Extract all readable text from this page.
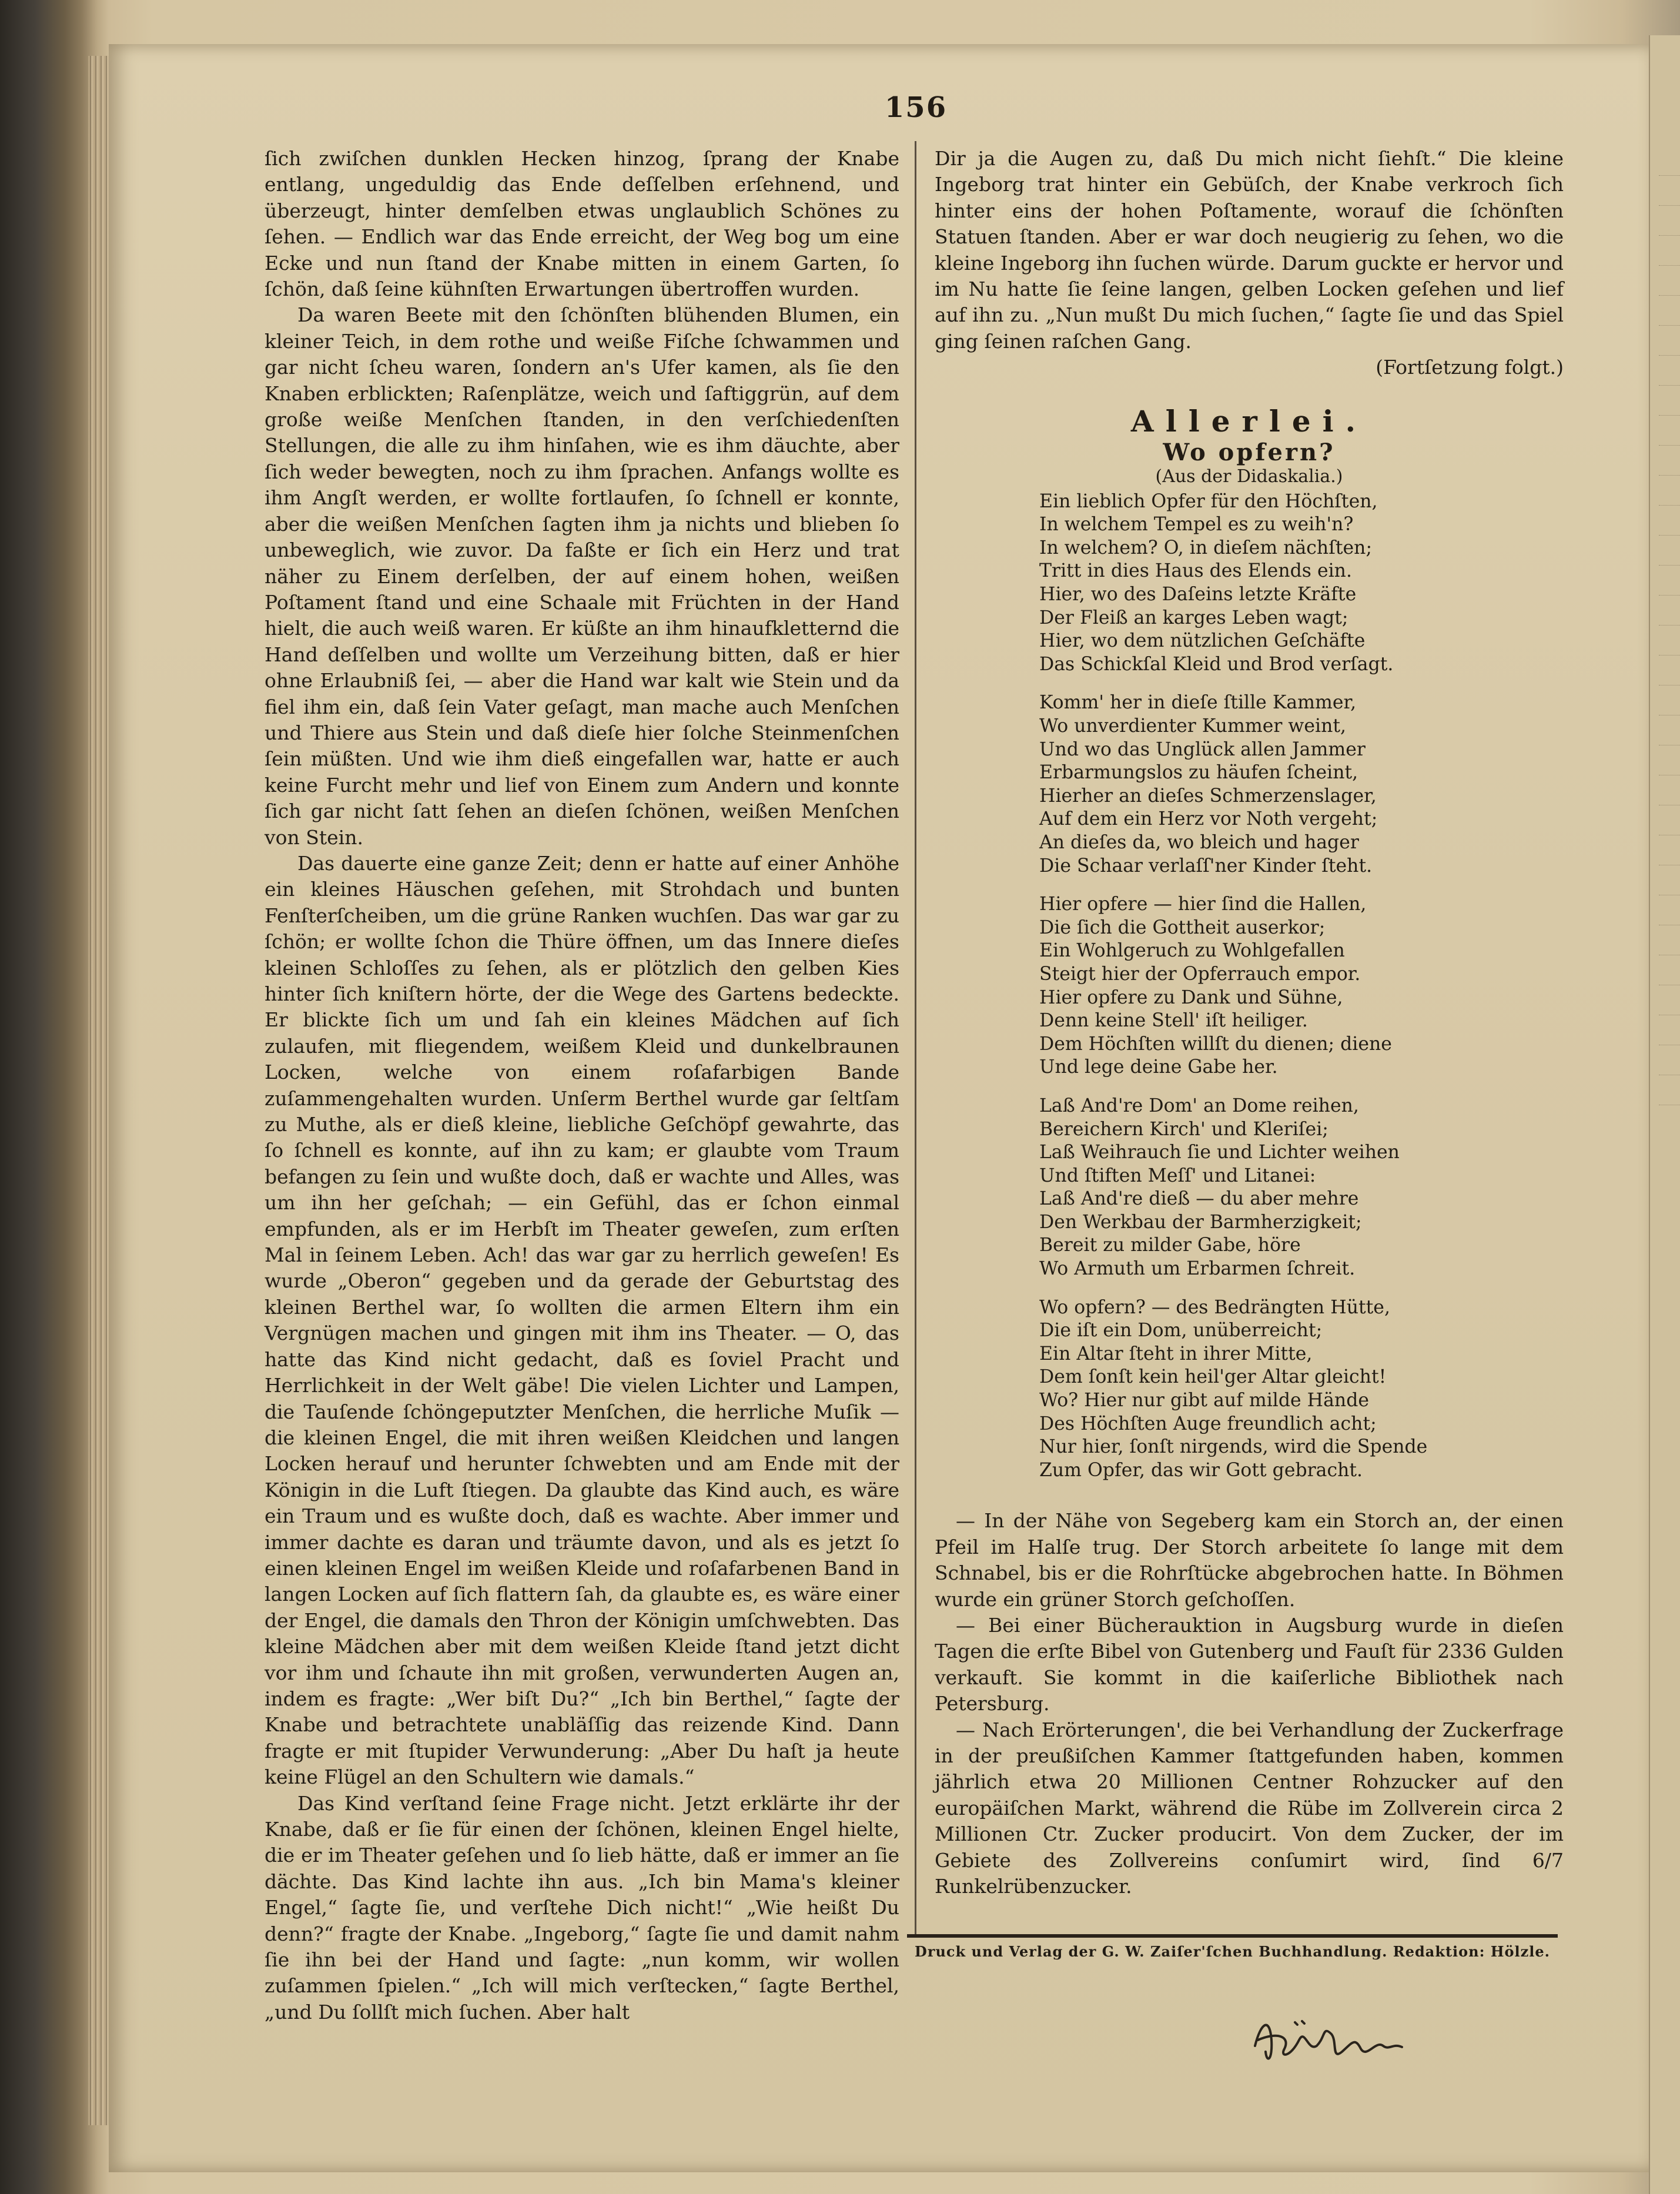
156

ſich zwiſchen dunklen Hecken hinzog, ſprang der Knabe entlang, ungeduldig das Ende deſſelben erſehnend, und überzeugt, hinter demſelben etwas unglaublich Schönes zu ſehen. — Endlich war das Ende erreicht, der Weg bog um eine Ecke und nun ſtand der Knabe mitten in einem Garten, ſo ſchön, daß ſeine kühnſten Erwartungen übertroffen wurden.

Da waren Beete mit den ſchönſten blühenden Blumen, ein kleiner Teich, in dem rothe und weiße Fiſche ſchwammen und gar nicht ſcheu waren, ſondern an's Ufer kamen, als ſie den Knaben erblickten; Raſenplätze, weich und ſaftiggrün, auf dem große weiße Menſchen ſtanden, in den verſchiedenſten Stellungen, die alle zu ihm hinſahen, wie es ihm däuchte, aber ſich weder bewegten, noch zu ihm ſprachen. Anfangs wollte es ihm Angſt werden, er wollte fortlaufen, ſo ſchnell er konnte, aber die weißen Menſchen ſagten ihm ja nichts und blieben ſo unbeweglich, wie zuvor. Da faßte er ſich ein Herz und trat näher zu Einem derſelben, der auf einem hohen, weißen Poſtament ſtand und eine Schaale mit Früchten in der Hand hielt, die auch weiß waren. Er küßte an ihm hinaufkletternd die Hand deſſelben und wollte um Verzeihung bitten, daß er hier ohne Erlaubniß ſei, — aber die Hand war kalt wie Stein und da fiel ihm ein, daß ſein Vater geſagt, man mache auch Menſchen und Thiere aus Stein und daß dieſe hier ſolche Steinmenſchen ſein müßten. Und wie ihm dieß eingefallen war, hatte er auch keine Furcht mehr und lief von Einem zum Andern und konnte ſich gar nicht ſatt ſehen an dieſen ſchönen, weißen Menſchen von Stein.

Das dauerte eine ganze Zeit; denn er hatte auf einer Anhöhe ein kleines Häuschen geſehen, mit Strohdach und bunten Fenſterſcheiben, um die grüne Ranken wuchſen. Das war gar zu ſchön; er wollte ſchon die Thüre öffnen, um das Innere dieſes kleinen Schloſſes zu ſehen, als er plötzlich den gelben Kies hinter ſich kniſtern hörte, der die Wege des Gartens bedeckte. Er blickte ſich um und ſah ein kleines Mädchen auf ſich zulaufen, mit fliegendem, weißem Kleid und dunkelbraunen Locken, welche von einem roſafarbigen Bande zuſammengehalten wurden. Unſerm Berthel wurde gar ſeltſam zu Muthe, als er dieß kleine, liebliche Geſchöpf gewahrte, das ſo ſchnell es konnte, auf ihn zu kam; er glaubte vom Traum befangen zu ſein und wußte doch, daß er wachte und Alles, was um ihn her geſchah; — ein Gefühl, das er ſchon einmal empfunden, als er im Herbſt im Theater geweſen, zum erſten Mal in ſeinem Leben. Ach! das war gar zu herrlich geweſen! Es wurde „Oberon“ gegeben und da gerade der Geburtstag des kleinen Berthel war, ſo wollten die armen Eltern ihm ein Vergnügen machen und gingen mit ihm ins Theater. — O, das hatte das Kind nicht gedacht, daß es ſoviel Pracht und Herrlichkeit in der Welt gäbe! Die vielen Lichter und Lampen, die Tauſende ſchöngeputzter Menſchen, die herrliche Muſik — die kleinen Engel, die mit ihren weißen Kleidchen und langen Locken herauf und herunter ſchwebten und am Ende mit der Königin in die Luft ſtiegen. Da glaubte das Kind auch, es wäre ein Traum und es wußte doch, daß es wachte. Aber immer und immer dachte es daran und träumte davon, und als es jetzt ſo einen kleinen Engel im weißen Kleide und roſafarbenen Band in langen Locken auf ſich flattern ſah, da glaubte es, es wäre einer der Engel, die damals den Thron der Königin umſchwebten. Das kleine Mädchen aber mit dem weißen Kleide ſtand jetzt dicht vor ihm und ſchaute ihn mit großen, verwunderten Augen an, indem es fragte: „Wer biſt Du?“ „Ich bin Berthel,“ ſagte der Knabe und betrachtete unabläſſig das reizende Kind. Dann fragte er mit ſtupider Verwunderung: „Aber Du haſt ja heute keine Flügel an den Schultern wie damals.“

Das Kind verſtand ſeine Frage nicht. Jetzt erklärte ihr der Knabe, daß er ſie für einen der ſchönen, kleinen Engel hielte, die er im Theater geſehen und ſo lieb hätte, daß er immer an ſie dächte. Das Kind lachte ihn aus. „Ich bin Mama's kleiner Engel,“ ſagte ſie, und verſtehe Dich nicht!“ „Wie heißt Du denn?“ fragte der Knabe. „Ingeborg,“ ſagte ſie und damit nahm ſie ihn bei der Hand und ſagte: „nun komm, wir wollen zuſammen ſpielen.“ „Ich will mich verſtecken,“ ſagte Berthel, „und Du ſollſt mich ſuchen. Aber halt

Dir ja die Augen zu, daß Du mich nicht ſiehſt.“ Die kleine Ingeborg trat hinter ein Gebüſch, der Knabe verkroch ſich hinter eins der hohen Poſtamente, worauf die ſchönſten Statuen ſtanden. Aber er war doch neugierig zu ſehen, wo die kleine Ingeborg ihn ſuchen würde. Darum guckte er hervor und im Nu hatte ſie ſeine langen, gelben Locken geſehen und lief auf ihn zu. „Nun mußt Du mich ſuchen,“ ſagte ſie und das Spiel ging ſeinen raſchen Gang.

(Fortſetzung folgt.)
Allerlei.
Wo opfern?
(Aus der Didaskalia.)
Ein lieblich Opfer für den Höchſten,
In welchem Tempel es zu weih'n?
In welchem? O, in dieſem nächſten;
Tritt in dies Haus des Elends ein.
Hier, wo des Daſeins letzte Kräfte
Der Fleiß an karges Leben wagt;
Hier, wo dem nützlichen Geſchäfte
Das Schickſal Kleid und Brod verſagt.
Komm' her in dieſe ſtille Kammer,
Wo unverdienter Kummer weint,
Und wo das Unglück allen Jammer
Erbarmungslos zu häufen ſcheint,
Hierher an dieſes Schmerzenslager,
Auf dem ein Herz vor Noth vergeht;
An dieſes da, wo bleich und hager
Die Schaar verlaſſ'ner Kinder ſteht.
Hier opfere — hier ſind die Hallen,
Die ſich die Gottheit auserkor;
Ein Wohlgeruch zu Wohlgefallen
Steigt hier der Opferrauch empor.
Hier opfere zu Dank und Sühne,
Denn keine Stell' iſt heiliger.
Dem Höchſten willſt du dienen; diene
Und lege deine Gabe her.
Laß And're Dom' an Dome reihen,
Bereichern Kirch' und Kleriſei;
Laß Weihrauch ſie und Lichter weihen
Und ſtiften Meſſ' und Litanei:
Laß And're dieß — du aber mehre
Den Werkbau der Barmherzigkeit;
Bereit zu milder Gabe, höre
Wo Armuth um Erbarmen ſchreit.
Wo opfern? — des Bedrängten Hütte,
Die iſt ein Dom, unüberreicht;
Ein Altar ſteht in ihrer Mitte,
Dem ſonſt kein heil'ger Altar gleicht!
Wo? Hier nur gibt auf milde Hände
Des Höchſten Auge freundlich acht;
Nur hier, ſonſt nirgends, wird die Spende
Zum Opfer, das wir Gott gebracht.

— In der Nähe von Segeberg kam ein Storch an, der einen Pfeil im Halſe trug. Der Storch arbeitete ſo lange mit dem Schnabel, bis er die Rohrſtücke abgebrochen hatte. In Böhmen wurde ein grüner Storch geſchoſſen.

— Bei einer Bücherauktion in Augsburg wurde in dieſen Tagen die erſte Bibel von Gutenberg und Fauſt für 2336 Gulden verkauft. Sie kommt in die kaiſerliche Bibliothek nach Petersburg.

— Nach Erörterungen', die bei Verhandlung der Zuckerfrage in der preußiſchen Kammer ſtattgefunden haben, kommen jährlich etwa 20 Millionen Centner Rohzucker auf den europäiſchen Markt, während die Rübe im Zollverein circa 2 Millionen Ctr. Zucker producirt. Von dem Zucker, der im Gebiete des Zollvereins conſumirt wird, ſind 6/7 Runkelrübenzucker.

Druck und Verlag der G. W. Zaiſer'ſchen Buchhandlung. Redaktion: Hölzle.
